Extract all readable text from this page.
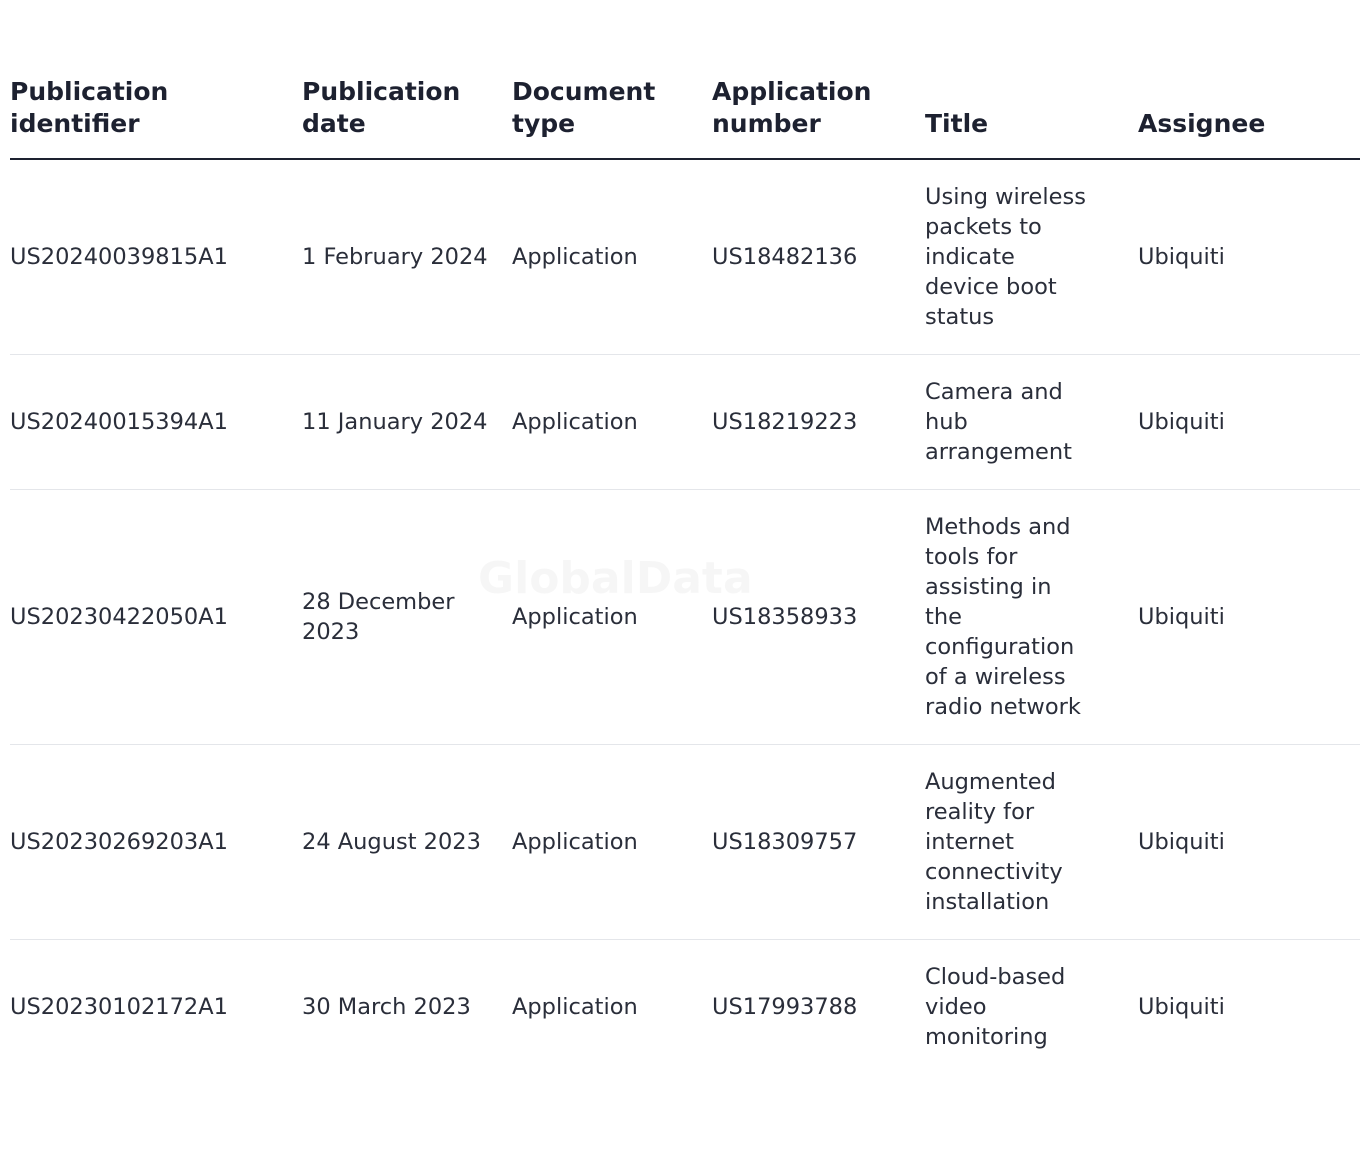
Publication identifier	Publication date	Document type	Application number	Title	Assignee
US20240039815A1	1 February 2024	Application	US18482136	Using wireless packets to indicate device boot status	Ubiquiti
US20240015394A1	11 January 2024	Application	US18219223	Camera and hub arrangement	Ubiquiti
US20230422050A1	28 December 2023	Application	US18358933	Methods and tools for assisting in the configuration of a wireless radio network	Ubiquiti
US20230269203A1	24 August 2023	Application	US18309757	Augmented reality for internet connectivity installation	Ubiquiti
US20230102172A1	30 March 2023	Application	US17993788	Cloud-based video monitoring	Ubiquiti
